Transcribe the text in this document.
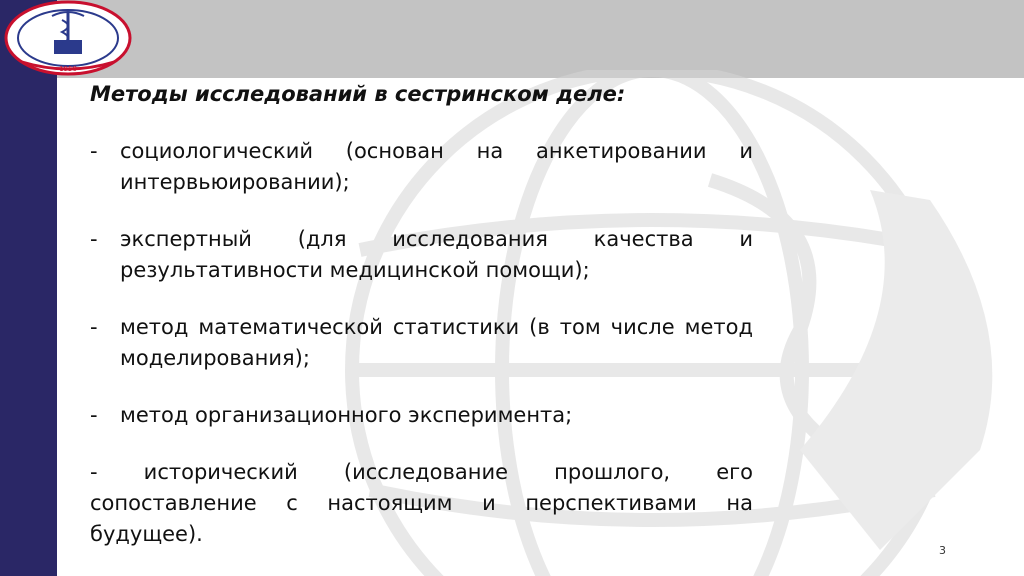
1950
Методы исследований в сестринском деле:
- социологический (основан на анкетировании и интервьюировании);
- экспертный (для исследования качества и результативности медицинской помощи);
- метод математической статистики (в том числе метод моделирования);
- метод организационного эксперимента;
- исторический (исследование прошлого, его сопоставление с настоящим и перспективами на будущее).
3
